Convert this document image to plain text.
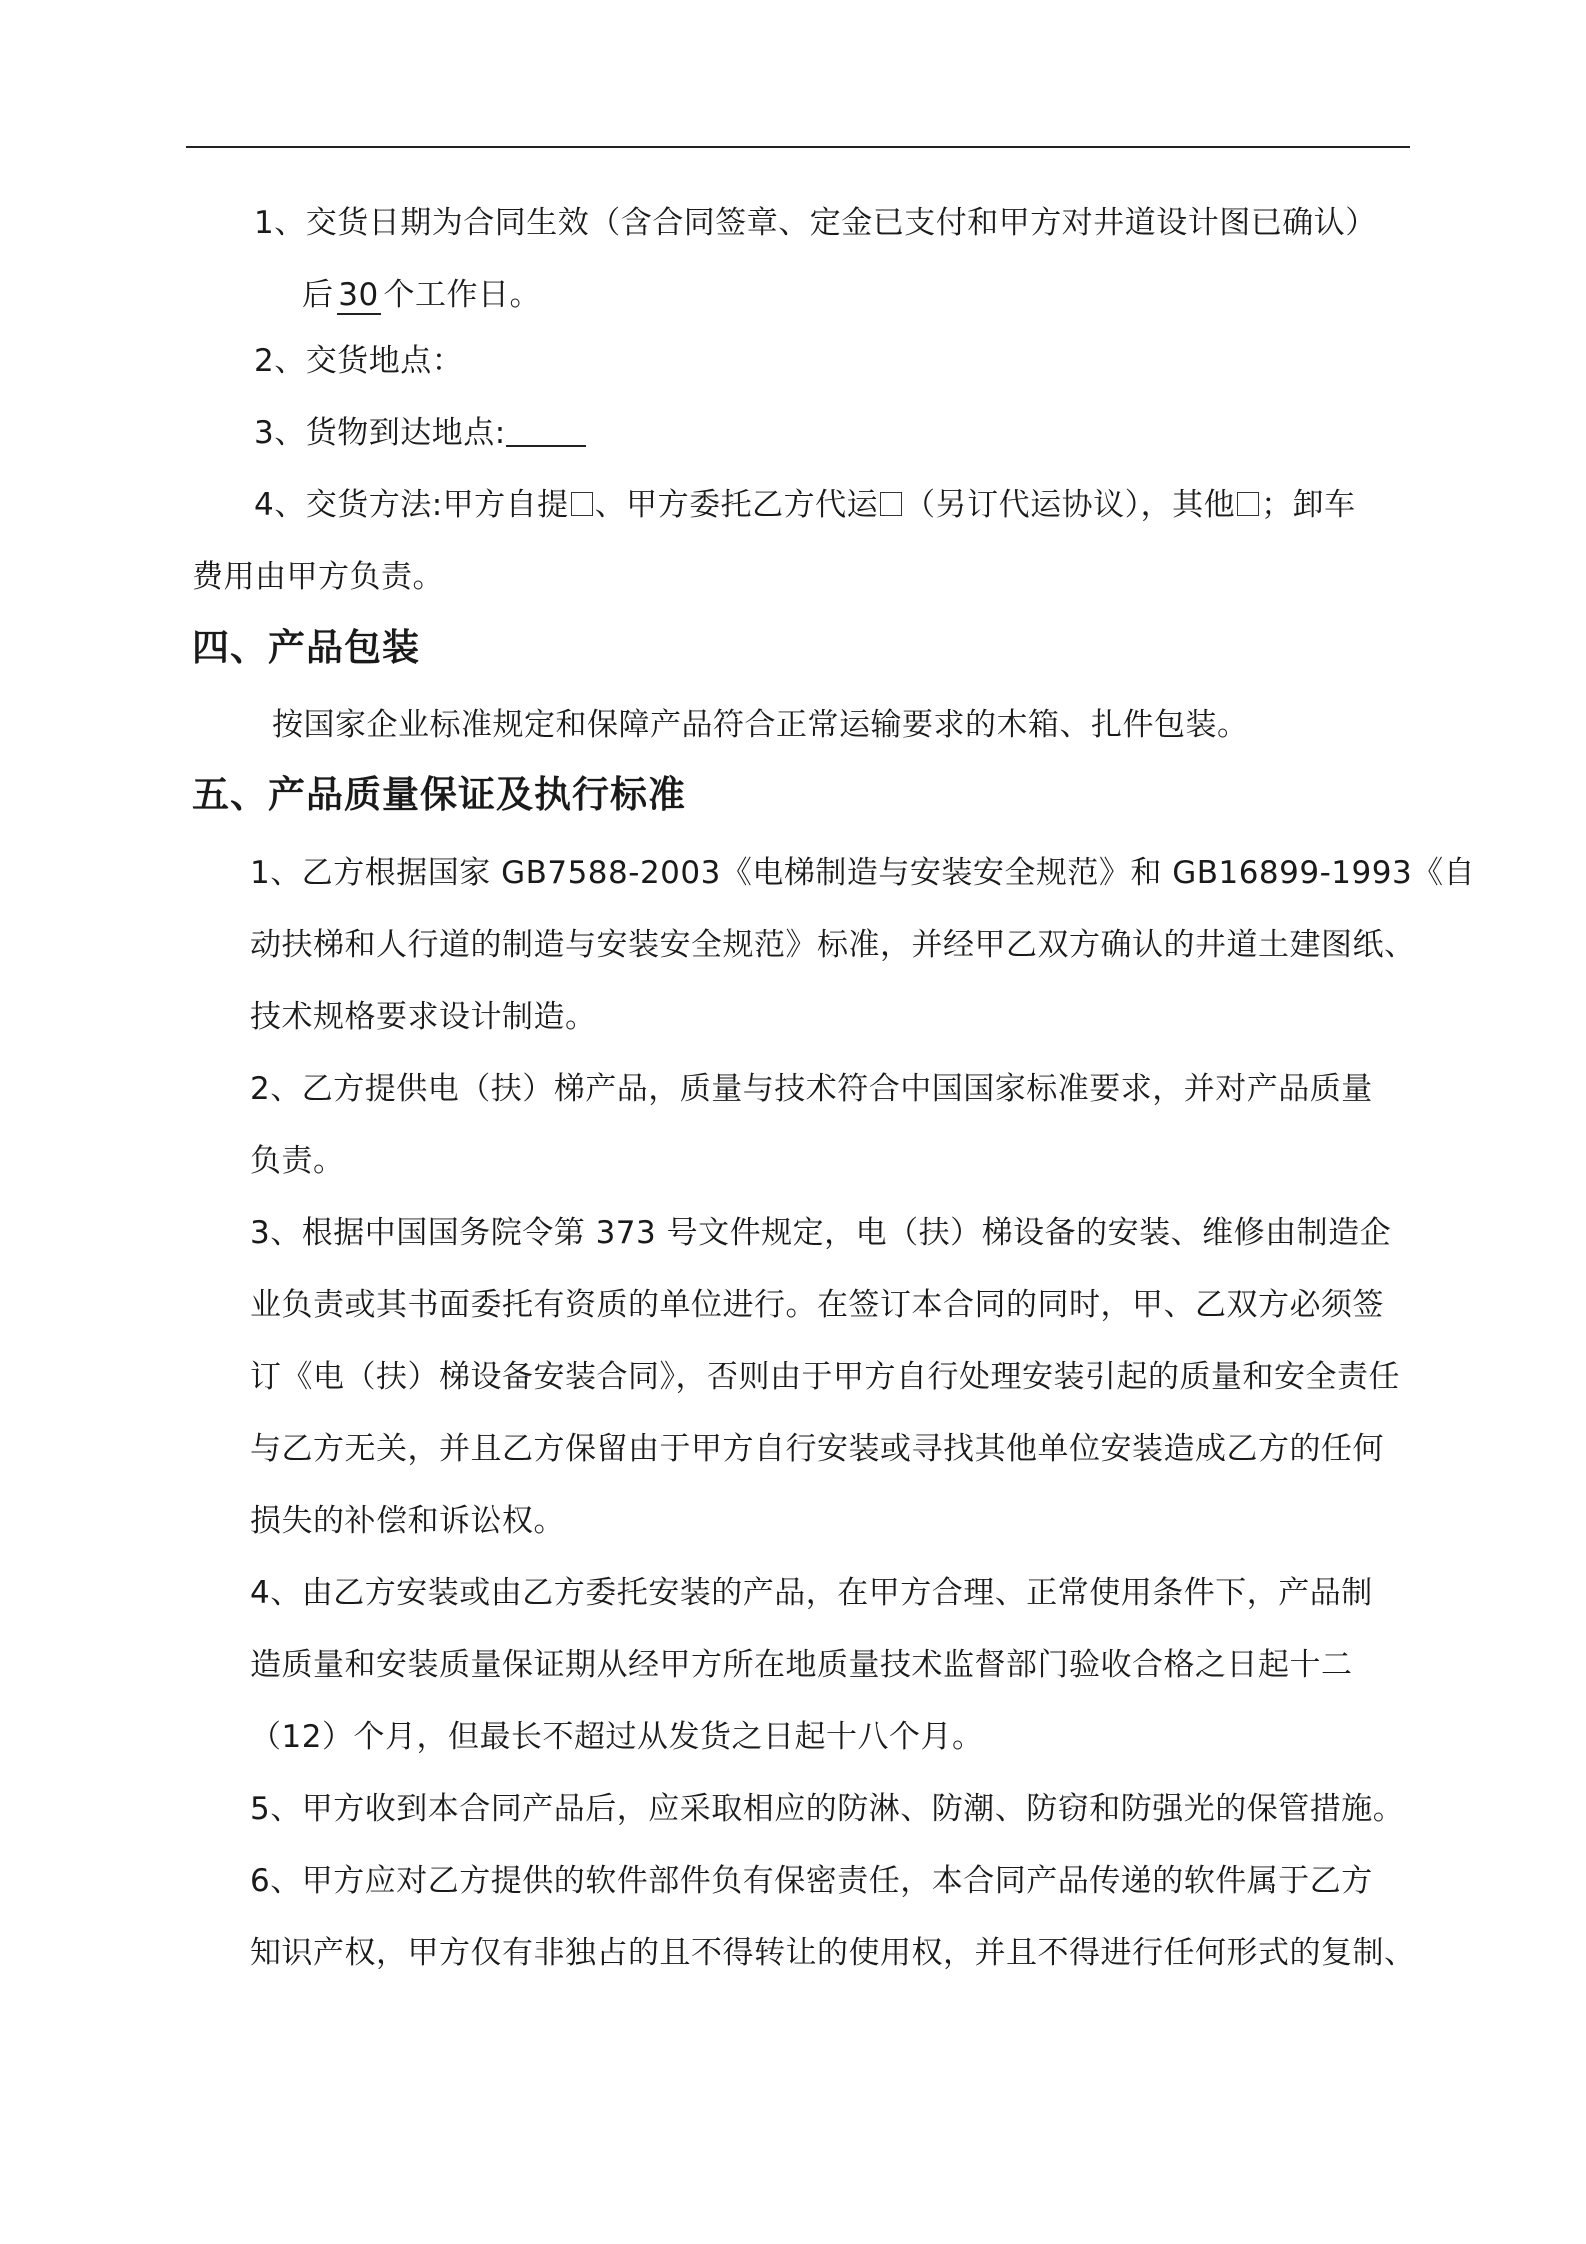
1、交货日期为合同生效（含合同签章、定金已支付和甲方对井道设计图已确认）
后 30 个工作日。
2、交货地点：
3、货物到达地点:
4、交货方法:甲方自提 、甲方委托乙方代运 （另订代运协议），其他 ；卸车
费用由甲方负责。
四、产品包装
按国家企业标准规定和保障产品符合正常运输要求的木箱、扎件包装。
五、产品质量保证及执行标准
1、乙方根据国家 GB7588-2003《电梯制造与安装安全规范》和 GB16899-1993《自
动扶梯和人行道的制造与安装安全规范》标准，并经甲乙双方确认的井道土建图纸、
技术规格要求设计制造。
2、乙方提供电（扶）梯产品，质量与技术符合中国国家标准要求，并对产品质量
负责。
3、根据中国国务院令第 373 号文件规定，电（扶）梯设备的安装、维修由制造企
业负责或其书面委托有资质的单位进行。在签订本合同的同时，甲、乙双方必须签
订《电（扶）梯设备安装合同》，否则由于甲方自行处理安装引起的质量和安全责任
与乙方无关，并且乙方保留由于甲方自行安装或寻找其他单位安装造成乙方的任何
损失的补偿和诉讼权。
4、由乙方安装或由乙方委托安装的产品，在甲方合理、正常使用条件下，产品制
造质量和安装质量保证期从经甲方所在地质量技术监督部门验收合格之日起十二
（12）个月，但最长不超过从发货之日起十八个月。
5、甲方收到本合同产品后，应采取相应的防淋、防潮、防窃和防强光的保管措施。
6、甲方应对乙方提供的软件部件负有保密责任，本合同产品传递的软件属于乙方
知识产权，甲方仅有非独占的且不得转让的使用权，并且不得进行任何形式的复制、
